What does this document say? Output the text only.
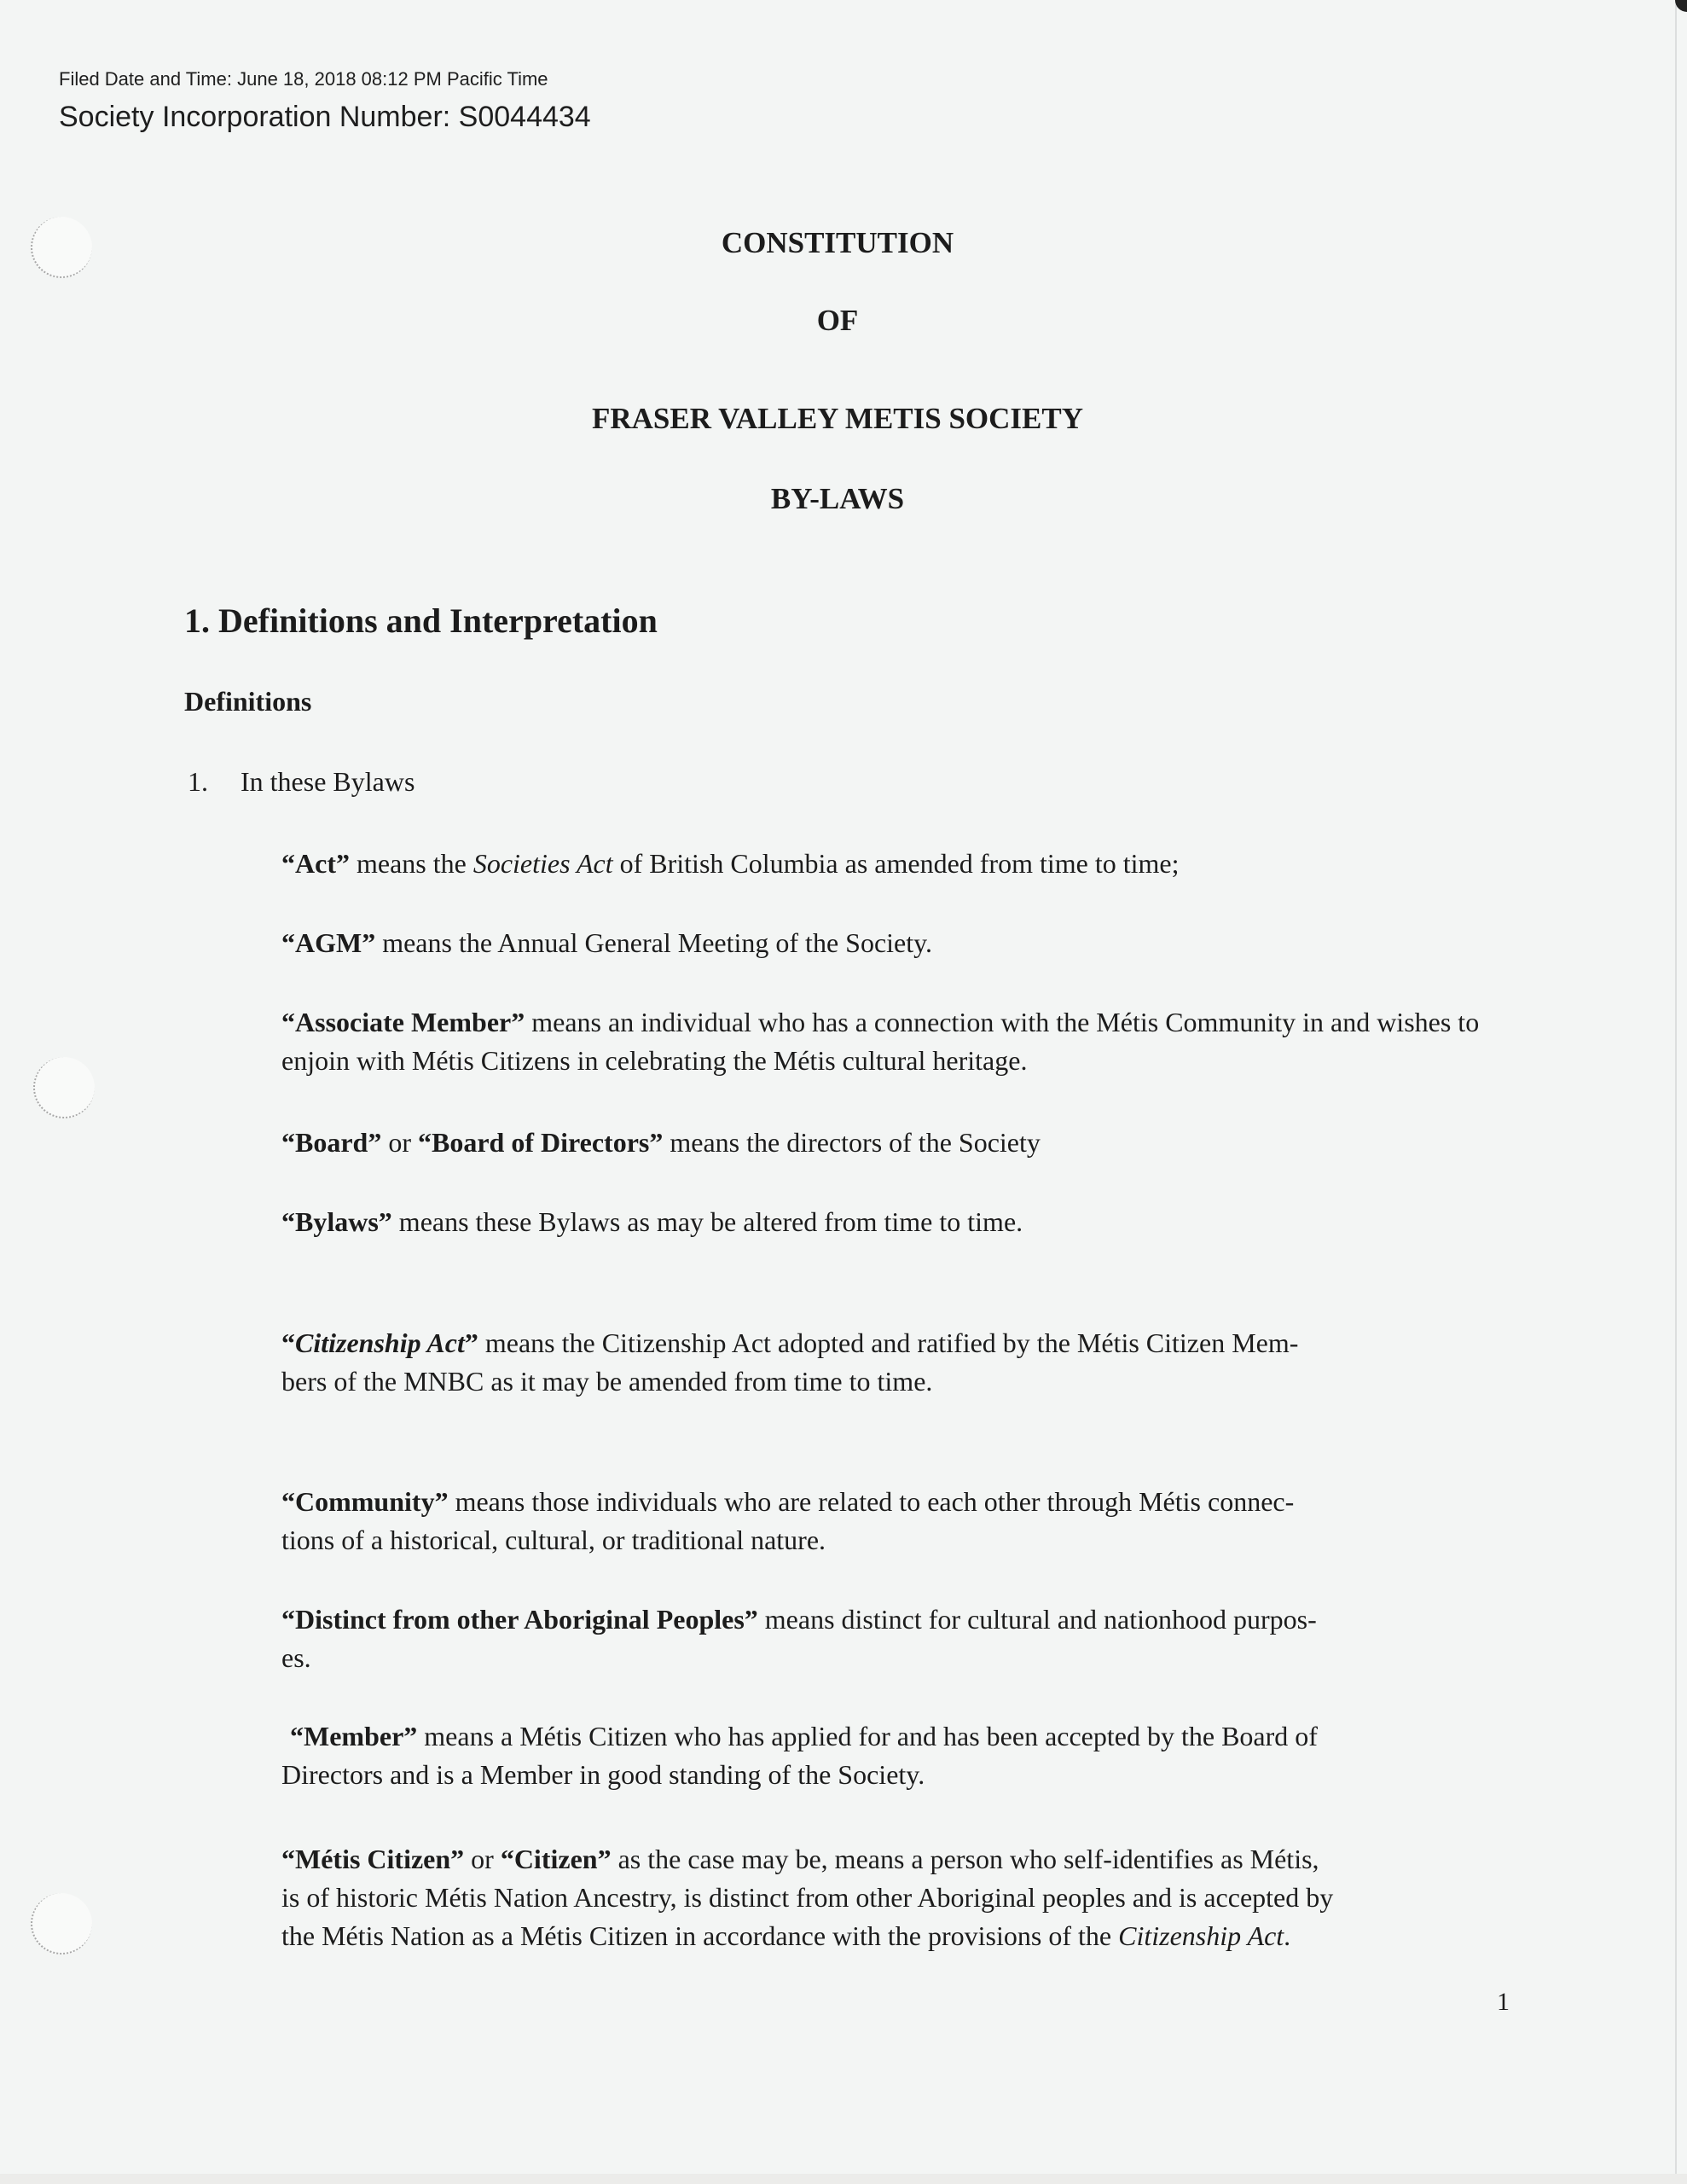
Filed Date and Time: June 18, 2018 08:12 PM Pacific Time
Society Incorporation Number: S0044434
CONSTITUTION
OF
FRASER VALLEY METIS SOCIETY
BY-LAWS
1. Definitions and Interpretation
Definitions
1. In these Bylaws
“Act” means the Societies Act of British Columbia as amended from time to time;
“AGM” means the Annual General Meeting of the Society.
“Associate Member” means an individual who has a connection with the Métis Community in and wishes to enjoin with Métis Citizens in celebrating the Métis cultural heritage.
“Board” or “Board of Directors” means the directors of the Society
“Bylaws” means these Bylaws as may be altered from time to time.
“Citizenship Act” means the Citizenship Act adopted and ratified by the Métis Citizen Mem-
bers of the MNBC as it may be amended from time to time.
“Community” means those individuals who are related to each other through Métis connec-
tions of a historical, cultural, or traditional nature.
“Distinct from other Aboriginal Peoples” means distinct for cultural and nationhood purpos-
es.
“Member” means a Métis Citizen who has applied for and has been accepted by the Board of
Directors and is a Member in good standing of the Society.
“Métis Citizen” or “Citizen” as the case may be, means a person who self-identifies as Métis,
is of historic Métis Nation Ancestry, is distinct from other Aboriginal peoples and is accepted by
the Métis Nation as a Métis Citizen in accordance with the provisions of the Citizenship Act.
1
